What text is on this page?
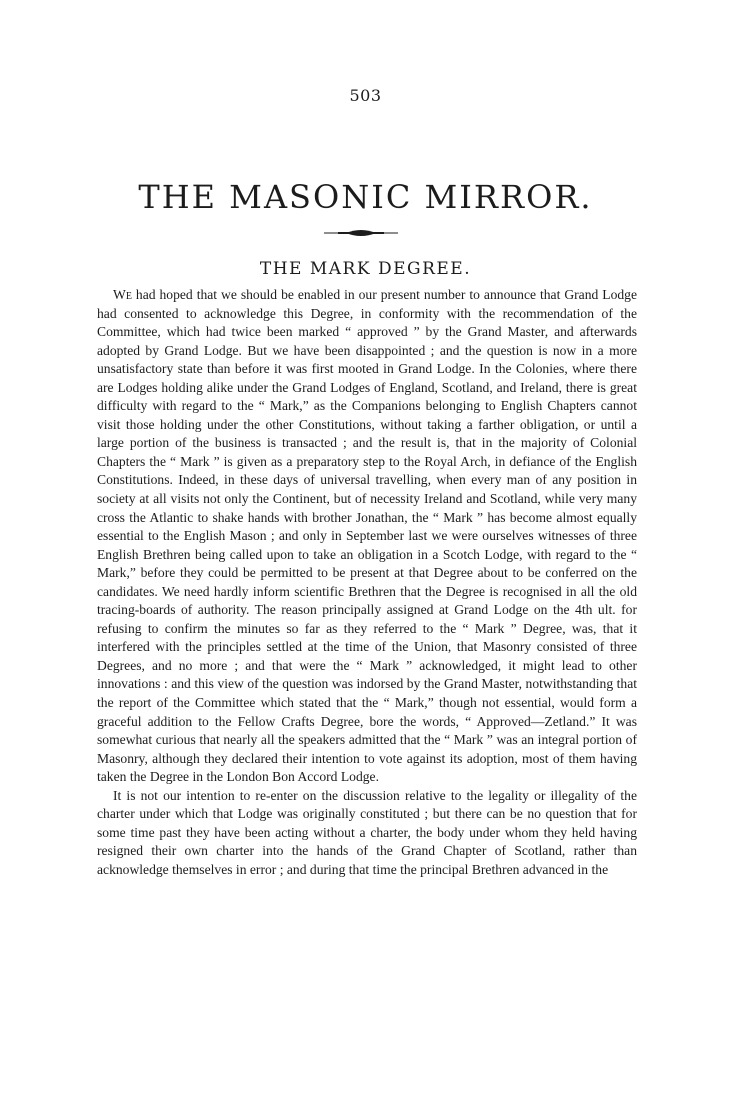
503
THE MASONIC MIRROR.
THE MARK DEGREE.

We had hoped that we should be enabled in our present number to announce that Grand Lodge had consented to acknowledge this Degree, in conformity with the recommendation of the Committee, which had twice been marked “ approved ” by the Grand Master, and afterwards adopted by Grand Lodge. But we have been disappointed ; and the question is now in a more unsatisfactory state than before it was first mooted in Grand Lodge. In the Colonies, where there are Lodges holding alike under the Grand Lodges of England, Scotland, and Ireland, there is great difficulty with regard to the “ Mark,” as the Companions belonging to English Chapters cannot visit those holding under the other Constitutions, without taking a farther obligation, or until a large portion of the business is transacted ; and the result is, that in the majority of Colonial Chapters the “ Mark ” is given as a preparatory step to the Royal Arch, in defiance of the English Constitutions. Indeed, in these days of universal travelling, when every man of any position in society at all visits not only the Continent, but of necessity Ireland and Scotland, while very many cross the Atlantic to shake hands with brother Jonathan, the “ Mark ” has become almost equally essential to the English Mason ; and only in September last we were ourselves witnesses of three English Brethren being called upon to take an obligation in a Scotch Lodge, with regard to the “ Mark,” before they could be permitted to be present at that Degree about to be conferred on the candidates. We need hardly inform scientific Brethren that the Degree is recognised in all the old tracing-boards of authority. The reason principally assigned at Grand Lodge on the 4th ult. for refusing to confirm the minutes so far as they referred to the “ Mark ” Degree, was, that it interfered with the principles settled at the time of the Union, that Masonry consisted of three Degrees, and no more ; and that were the “ Mark ” acknowledged, it might lead to other innovations : and this view of the question was indorsed by the Grand Master, notwithstanding that the report of the Committee which stated that the “ Mark,” though not essential, would form a graceful addition to the Fellow Crafts Degree, bore the words, “ Approved—Zetland.” It was somewhat curious that nearly all the speakers admitted that the “ Mark ” was an integral portion of Masonry, although they declared their intention to vote against its adoption, most of them having taken the Degree in the London Bon Accord Lodge.

It is not our intention to re-enter on the discussion relative to the legality or illegality of the charter under which that Lodge was originally constituted ; but there can be no question that for some time past they have been acting without a charter, the body under whom they held having resigned their own charter into the hands of the Grand Chapter of Scotland, rather than acknowledge themselves in error ; and during that time the principal Brethren advanced in the
